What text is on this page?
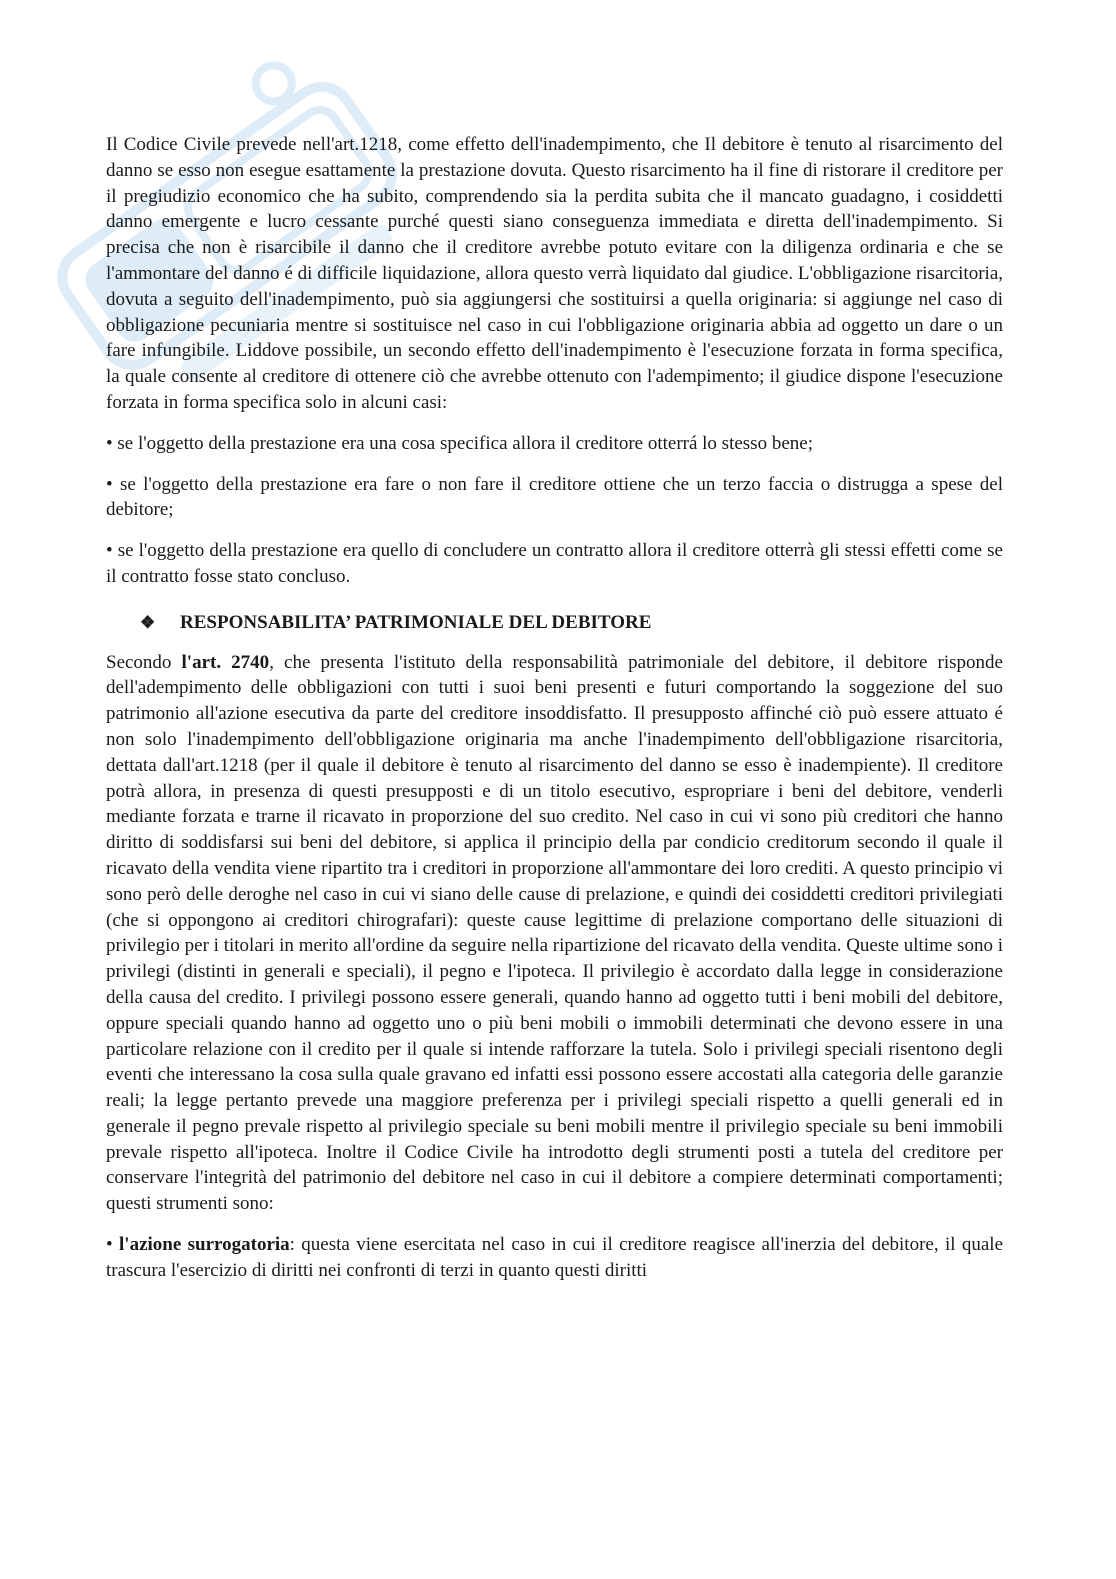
Il Codice Civile prevede nell'art.1218, come effetto dell'inadempimento, che Il debitore è tenuto al risarcimento del danno se esso non esegue esattamente la prestazione dovuta. Questo risarcimento ha il fine di ristorare il creditore per il pregiudizio economico che ha subito, comprendendo sia la perdita subita che il mancato guadagno, i cosiddetti danno emergente e lucro cessante purché questi siano conseguenza immediata e diretta dell'inadempimento. Si precisa che non è risarcibile il danno che il creditore avrebbe potuto evitare con la diligenza ordinaria e che se l'ammontare del danno é di difficile liquidazione, allora questo verrà liquidato dal giudice. L'obbligazione risarcitoria, dovuta a seguito dell'inadempimento, può sia aggiungersi che sostituirsi a quella originaria: si aggiunge nel caso di obbligazione pecuniaria mentre si sostituisce nel caso in cui l'obbligazione originaria abbia ad oggetto un dare o un fare infungibile. Liddove possibile, un secondo effetto dell'inadempimento è l'esecuzione forzata in forma specifica, la quale consente al creditore di ottenere ciò che avrebbe ottenuto con l'adempimento; il giudice dispone l'esecuzione forzata in forma specifica solo in alcuni casi:

• se l'oggetto della prestazione era una cosa specifica allora il creditore otterrá lo stesso bene;

• se l'oggetto della prestazione era fare o non fare il creditore ottiene che un terzo faccia o distrugga a spese del debitore;

• se l'oggetto della prestazione era quello di concludere un contratto allora il creditore otterrà gli stessi effetti come se il contratto fosse stato concluso.

❖ RESPONSABILITA’ PATRIMONIALE DEL DEBITORE

Secondo l'art. 2740, che presenta l'istituto della responsabilità patrimoniale del debitore, il debitore risponde dell'adempimento delle obbligazioni con tutti i suoi beni presenti e futuri comportando la soggezione del suo patrimonio all'azione esecutiva da parte del creditore insoddisfatto. Il presupposto affinché ciò può essere attuato é non solo l'inadempimento dell'obbligazione originaria ma anche l'inadempimento dell'obbligazione risarcitoria, dettata dall'art.1218 (per il quale il debitore è tenuto al risarcimento del danno se esso è inadempiente). Il creditore potrà allora, in presenza di questi presupposti e di un titolo esecutivo, espropriare i beni del debitore, venderli mediante forzata e trarne il ricavato in proporzione del suo credito. Nel caso in cui vi sono più creditori che hanno diritto di soddisfarsi sui beni del debitore, si applica il principio della par condicio creditorum secondo il quale il ricavato della vendita viene ripartito tra i creditori in proporzione all'ammontare dei loro crediti. A questo principio vi sono però delle deroghe nel caso in cui vi siano delle cause di prelazione, e quindi dei cosiddetti creditori privilegiati (che si oppongono ai creditori chirografari): queste cause legittime di prelazione comportano delle situazioni di privilegio per i titolari in merito all'ordine da seguire nella ripartizione del ricavato della vendita. Queste ultime sono i privilegi (distinti in generali e speciali), il pegno e l'ipoteca. Il privilegio è accordato dalla legge in considerazione della causa del credito. I privilegi possono essere generali, quando hanno ad oggetto tutti i beni mobili del debitore, oppure speciali quando hanno ad oggetto uno o più beni mobili o immobili determinati che devono essere in una particolare relazione con il credito per il quale si intende rafforzare la tutela. Solo i privilegi speciali risentono degli eventi che interessano la cosa sulla quale gravano ed infatti essi possono essere accostati alla categoria delle garanzie reali; la legge pertanto prevede una maggiore preferenza per i privilegi speciali rispetto a quelli generali ed in generale il pegno prevale rispetto al privilegio speciale su beni mobili mentre il privilegio speciale su beni immobili prevale rispetto all'ipoteca. Inoltre il Codice Civile ha introdotto degli strumenti posti a tutela del creditore per conservare l'integrità del patrimonio del debitore nel caso in cui il debitore a compiere determinati comportamenti; questi strumenti sono:

• l'azione surrogatoria: questa viene esercitata nel caso in cui il creditore reagisce all'inerzia del debitore, il quale trascura l'esercizio di diritti nei confronti di terzi in quanto questi diritti
